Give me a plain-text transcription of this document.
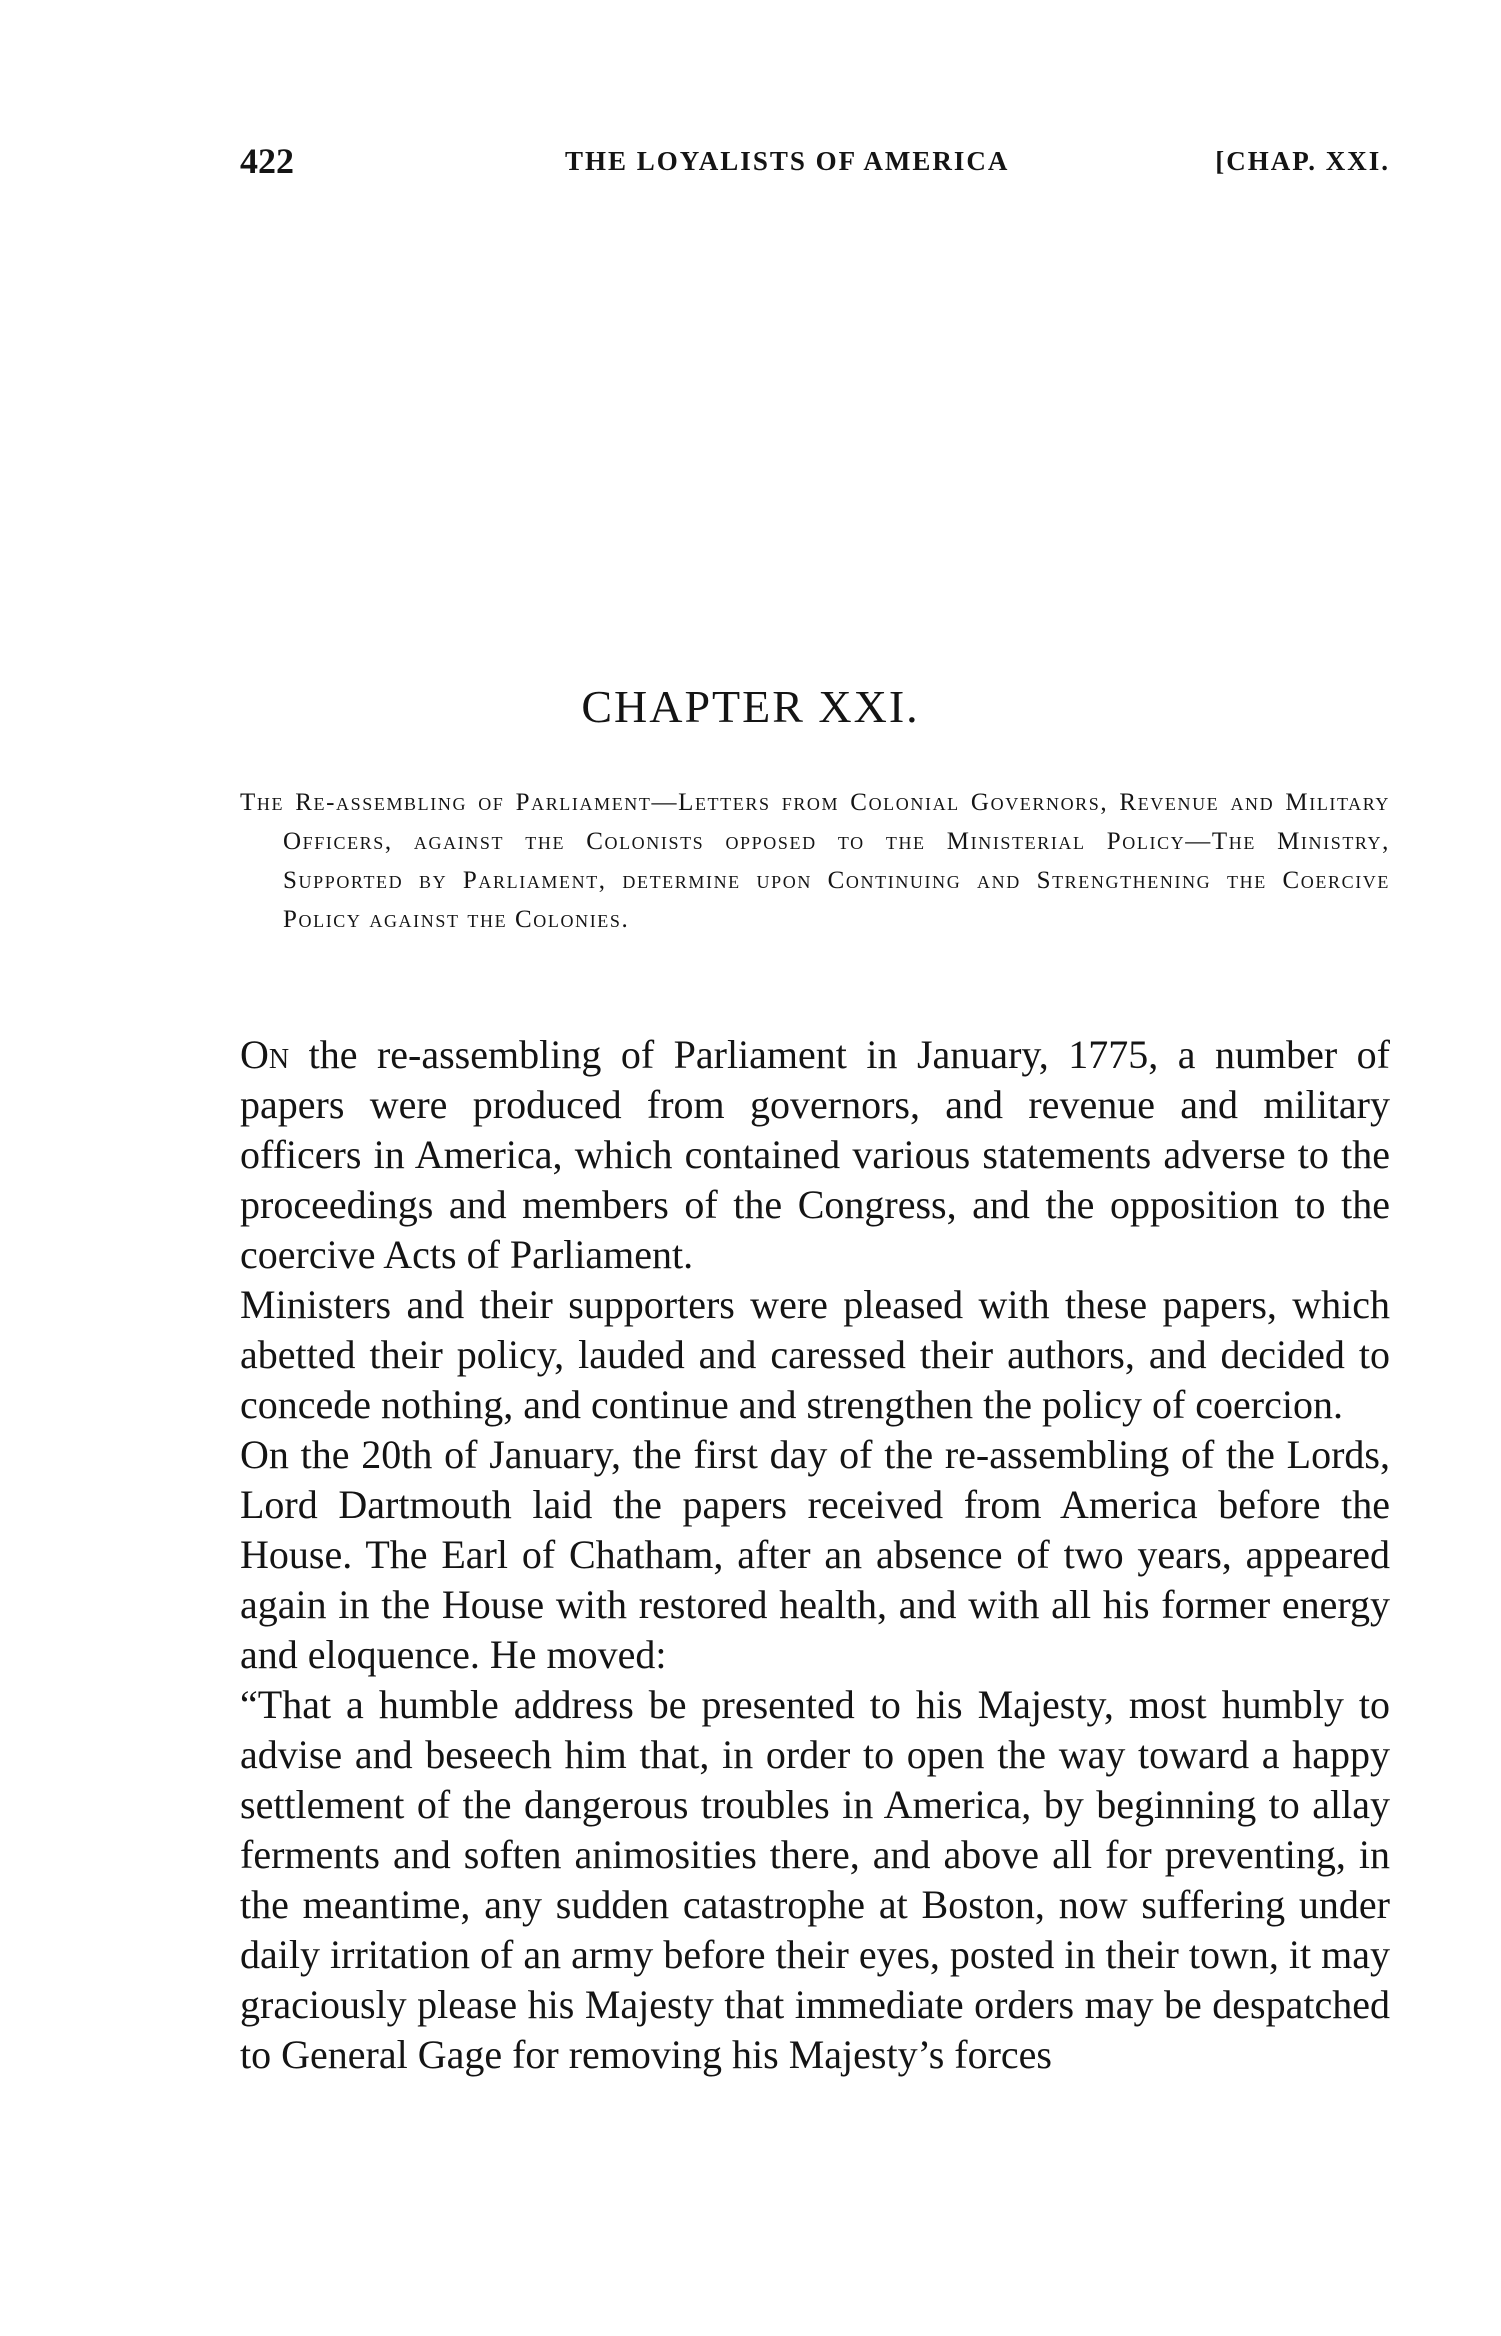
422	THE LOYALISTS OF AMERICA	[CHAP. XXI.
CHAPTER XXI.

The Re-assembling of Parliament—Letters from Colonial Governors, Revenue and Military Officers, against the Colonists opposed to the Ministerial Policy—The Ministry, Supported by Parliament, determine upon Continuing and Strengthening the Coercive Policy against the Colonies.

On the re-assembling of Parliament in January, 1775, a number of papers were produced from governors, and revenue and military officers in America, which contained various statements adverse to the proceedings and members of the Congress, and the opposition to the coercive Acts of Parliament.

Ministers and their supporters were pleased with these papers, which abetted their policy, lauded and caressed their authors, and decided to concede nothing, and continue and strengthen the policy of coercion.

On the 20th of January, the first day of the re-assembling of the Lords, Lord Dartmouth laid the papers received from America before the House. The Earl of Chatham, after an absence of two years, appeared again in the House with restored health, and with all his former energy and eloquence. He moved:

“That a humble address be presented to his Majesty, most humbly to advise and beseech him that, in order to open the way toward a happy settlement of the dangerous troubles in America, by beginning to allay ferments and soften animosities there, and above all for preventing, in the meantime, any sudden catastrophe at Boston, now suffering under daily irritation of an army before their eyes, posted in their town, it may graciously please his Majesty that immediate orders may be despatched to General Gage for removing his Majesty’s forces
